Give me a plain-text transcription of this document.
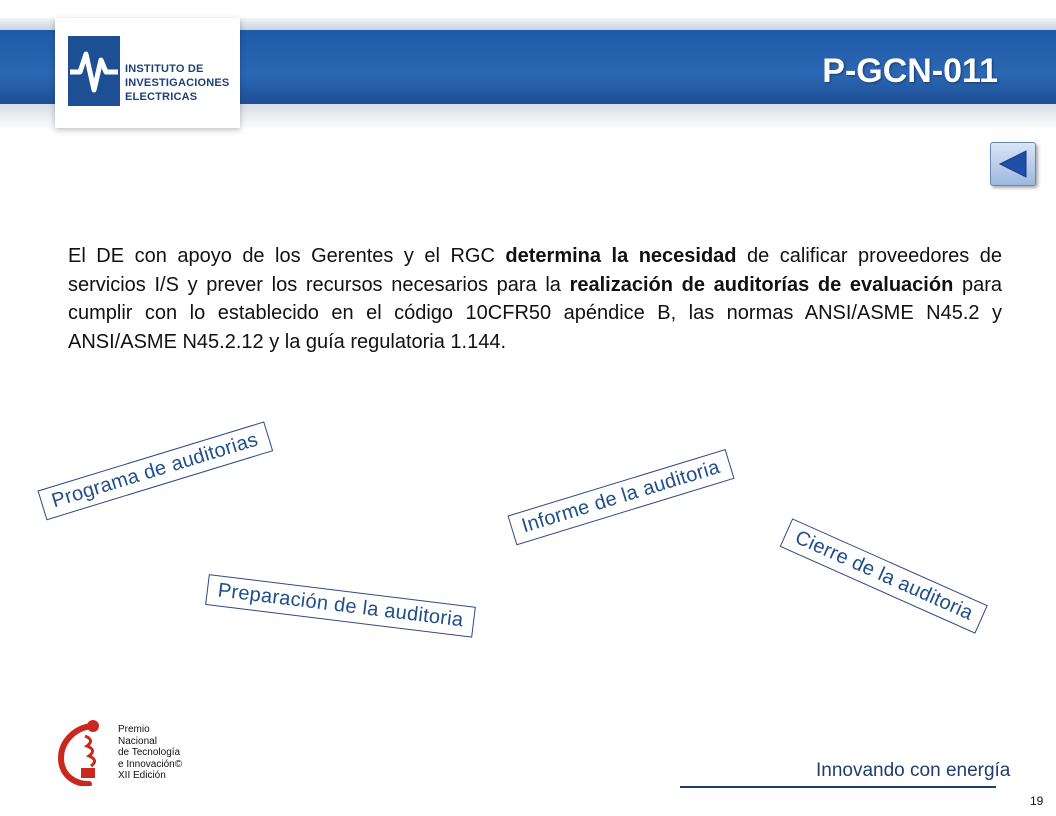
INSTITUTO DE
INVESTIGACIONES
ELECTRICAS
P-GCN-011
El DE con apoyo de los Gerentes y el RGC determina la necesidad de calificar proveedores de servicios I/S y prever los recursos necesarios para la realización de auditorías de evaluación para cumplir con lo establecido en el código 10CFR50 apéndice B, las normas ANSI/ASME N45.2 y ANSI/ASME N45.2.12 y la guía regulatoria 1.144.
Programa de auditorias
Preparación de la auditoria
Informe de la auditoria
Cierre de la auditoria
Premio
Nacional
de Tecnología
e Innovación©
XII Edición	Innovando con energía
19
